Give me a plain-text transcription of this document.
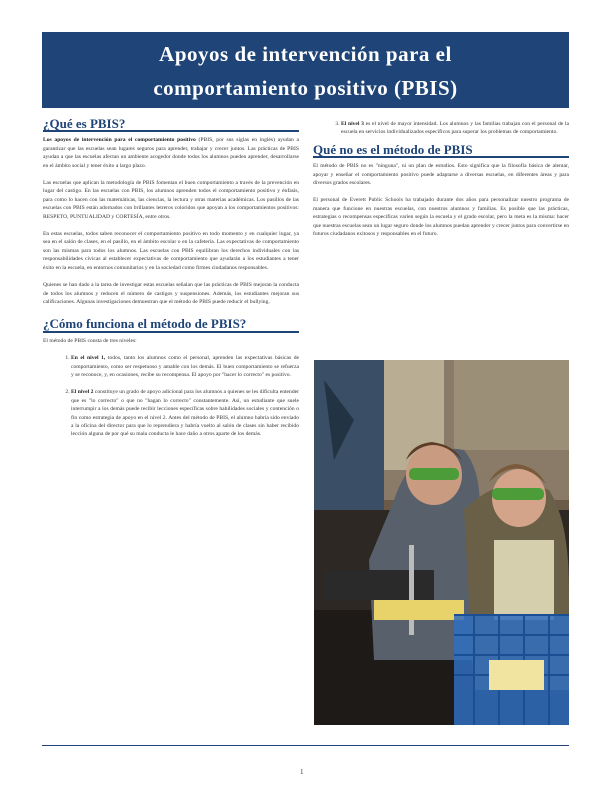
Apoyos de intervención para el
comportamiento positivo (PBIS)
¿Qué es PBIS?

Los apoyos de intervención para el comportamiento positivo (PBIS, por sus siglas en inglés) ayudan a garantizar que las escuelas sean lugares seguros para aprender, trabajar y crecer juntos. Las prácticas de PBIS ayudan a que las escuelas afectan un ambiente acogedor donde todos los alumnos pueden aprender, desarrollarse en el ámbito social y tener éxito a largo plazo.

Las escuelas que aplican la metodología de PBIS fomentan el buen comportamiento a través de la prevención en lugar del castigo. En las escuelas con PBIS, los alumnos aprenden todos el comportamiento positivo y énfasis, para como lo hacen con las matemáticas, las ciencias, la lectura y otras materias académicas. Los pasillos de las escuelas con PBIS están adornados con brillantes letreros coloridos que apoyan a los comportamientos positivos: RESPETO, PUNTUALIDAD y CORTESÍA, entre otros.

En estas escuelas, todos saben reconocer el comportamiento positivo en todo momento y en cualquier lugar, ya sea en el salón de clases, en el pasillo, en el ámbito escolar o en la cafetería. Las expectativas de comportamiento son las mismas para todos los alumnos. Las escuelas con PBIS equilibran los derechos individuales con las responsabilidades cívicas al establecer expectativas de comportamiento que ayudarán a los estudiantes a tener éxito en la escuela, en entornos comunitarios y en la sociedad como firmes ciudadanos responsables.

Quienes se han dado a la tarea de investigar estas escuelas señalan que las prácticas de PBIS mejoran la conducta de todos los alumnos y reducen el número de castigos y suspensiones. Además, los estudiantes mejoran sus calificaciones. Algunas investigaciones demuestran que el método de PBIS puede reducir el bullying.

¿Cómo funciona el método de PBIS?

El método de PBIS consta de tres niveles:

1. En el nivel 1, todos, tanto los alumnos como el personal, aprenden las expectativas básicas de comportamiento, como ser respetuoso y amable con los demás. El buen comportamiento se refuerza y se reconoce, y, en ocasiones, recibe su recompensa. El apoyo por "hacer lo correcto" es positivo.
2. El nivel 2 constituye un grado de apoyo adicional para los alumnos a quienes se les dificulta entender que es "lo correcto" o que no "hagan lo correcto" constantemente. Así, un estudiante que suele interrumpir a los demás puede recibir lecciones específicas sobre habilidades sociales y contención o fin como estrategia de apoyo en el nivel 2. Antes del método de PBIS, el alumno habría sido enviado a la oficina del director para que lo reprendiera y habría vuelto al salón de clases sin haber recibido lección alguna de por qué su mala conducta le hace daño a otros aparte de los demás.
3. El nivel 3 es el nivel de mayor intensidad. Los alumnos y las familias trabajan con el personal de la escuela en servicios individualizados específicos para superar los problemas de comportamiento.
Qué no es el método de PBIS

El método de PBIS no es "ninguna", ni un plan de estudios. Esto significa que la filosofía básica de alentar, apoyar y enseñar el comportamiento positivo puede adaptarse a diversas escuelas, en diferentes áreas y para diversos grados escolares.

El personal de Everett Public Schools ha trabajado durante dos años para personalizar nuestro programa de manera que funcione en nuestras escuelas, con nuestros alumnos y familias. Es posible que las prácticas, estrategias o recompensas específicas varíen según la escuela y el grado escolar, pero la meta es la misma: hacer que nuestras escuelas sean un lugar seguro donde los alumnos puedan aprender y crecer juntos para convertirse en futuros ciudadanos exitosos y responsables en el futuro.

1
